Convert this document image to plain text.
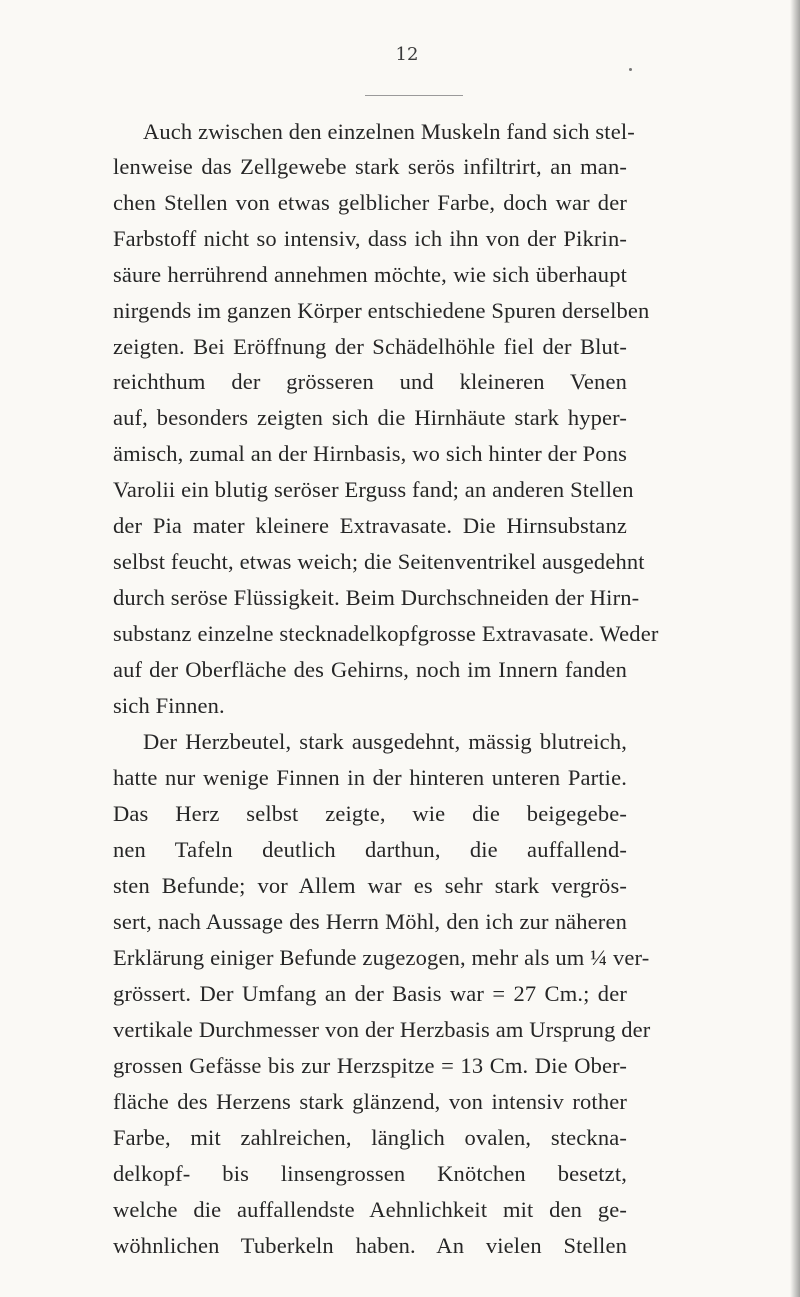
12
Auch zwischen den einzelnen Muskeln fand sich stel-
lenweise das Zellgewebe stark serös infiltrirt, an man-
chen Stellen von etwas gelblicher Farbe, doch war der
Farbstoff nicht so intensiv, dass ich ihn von der Pikrin-
säure herrührend annehmen möchte, wie sich überhaupt
nirgends im ganzen Körper entschiedene Spuren derselben
zeigten. Bei Eröffnung der Schädelhöhle fiel der Blut-
reichthum der grösseren und kleineren Venen
auf, besonders zeigten sich die Hirnhäute stark hyper-
ämisch, zumal an der Hirnbasis, wo sich hinter der Pons
Varolii ein blutig seröser Erguss fand; an anderen Stellen
der Pia mater kleinere Extravasate. Die Hirnsubstanz
selbst feucht, etwas weich; die Seitenventrikel ausgedehnt
durch seröse Flüssigkeit. Beim Durchschneiden der Hirn-
substanz einzelne stecknadelkopfgrosse Extravasate. Weder
auf der Oberfläche des Gehirns, noch im Innern fanden
sich Finnen.
Der Herzbeutel, stark ausgedehnt, mässig blutreich,
hatte nur wenige Finnen in der hinteren unteren Partie.
Das Herz selbst zeigte, wie die beigegebe-
nen Tafeln deutlich darthun, die auffallend-
sten Befunde; vor Allem war es sehr stark vergrös-
sert, nach Aussage des Herrn Möhl, den ich zur näheren
Erklärung einiger Befunde zugezogen, mehr als um ¼ ver-
grössert. Der Umfang an der Basis war = 27 Cm.; der
vertikale Durchmesser von der Herzbasis am Ursprung der
grossen Gefässe bis zur Herzspitze = 13 Cm. Die Ober-
fläche des Herzens stark glänzend, von intensiv rother
Farbe, mit zahlreichen, länglich ovalen, steckna-
delkopf- bis linsengrossen Knötchen besetzt,
welche die auffallendste Aehnlichkeit mit den ge-
wöhnlichen Tuberkeln haben. An vielen Stellen
